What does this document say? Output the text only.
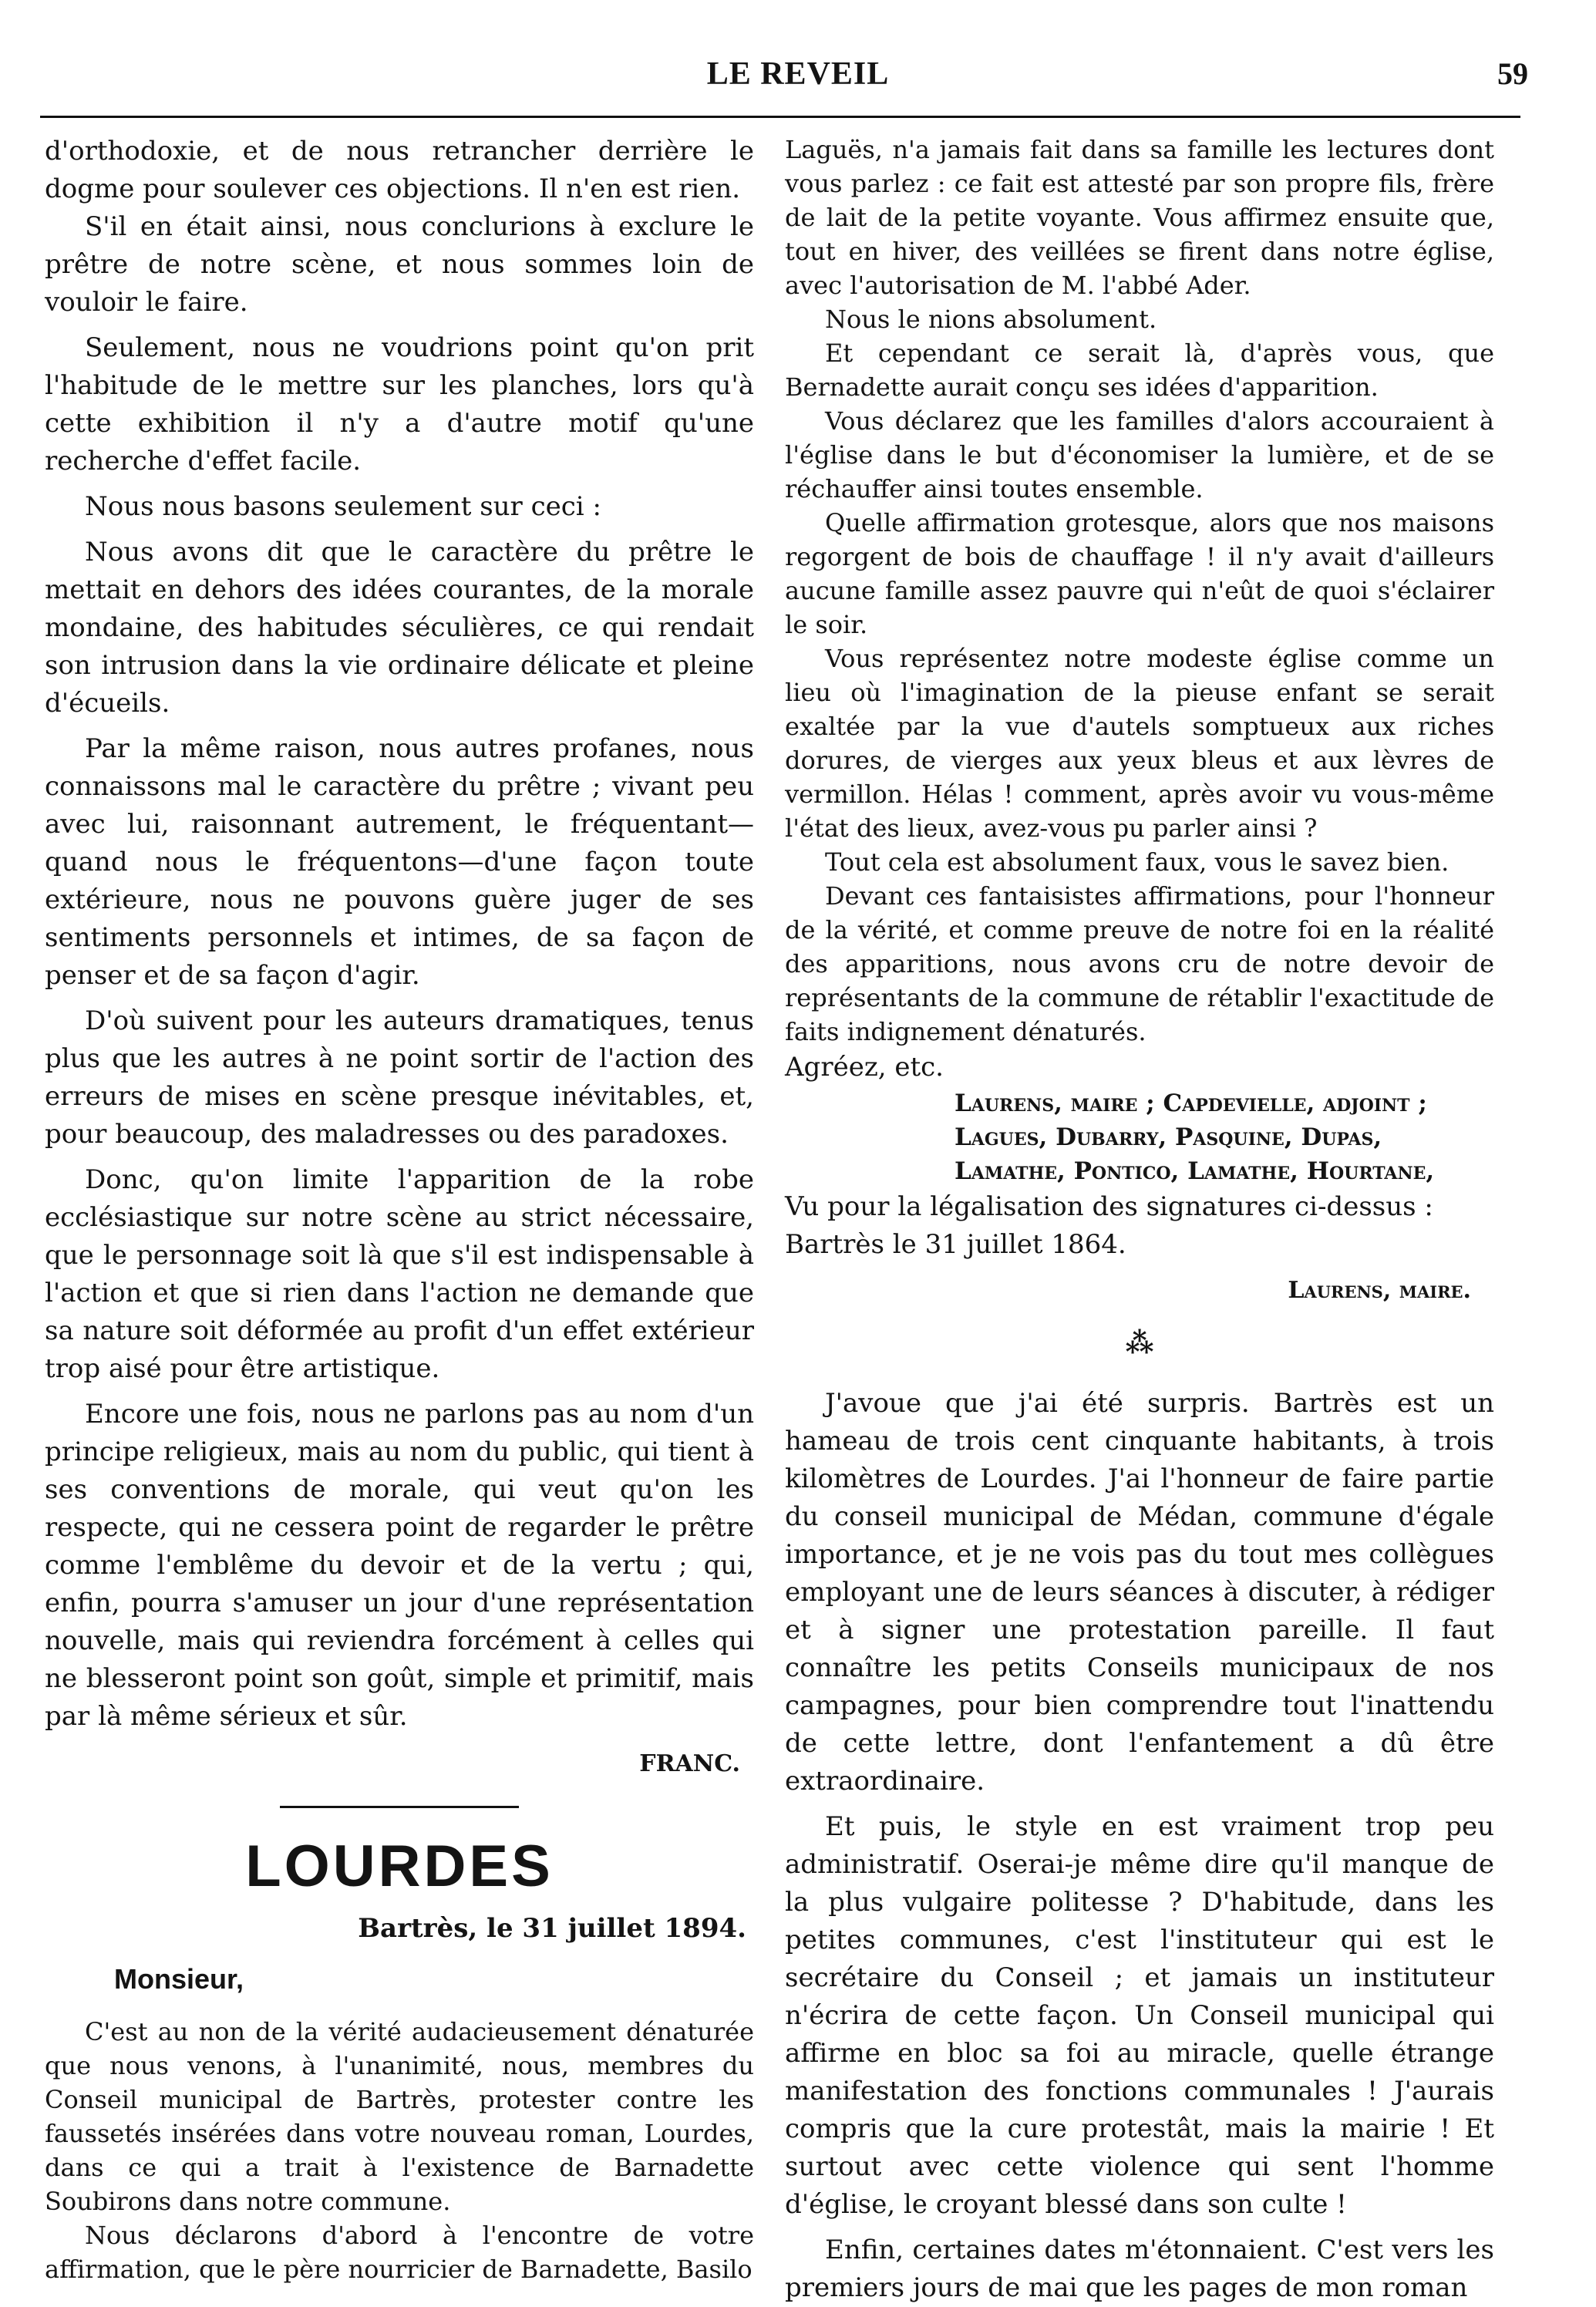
LE REVEIL	59

d'orthodoxie, et de nous retrancher derrière le dogme pour soulever ces objections. Il n'en est rien.

S'il en était ainsi, nous conclurions à exclure le prêtre de notre scène, et nous sommes loin de vouloir le faire.

Seulement, nous ne voudrions point qu'on prit l'habitude de le mettre sur les planches, lors qu'à cette exhibition il n'y a d'autre motif qu'une recherche d'effet facile.

Nous nous basons seulement sur ceci :

Nous avons dit que le caractère du prêtre le mettait en dehors des idées courantes, de la morale mondaine, des habitudes séculières, ce qui rendait son intrusion dans la vie ordinaire délicate et pleine d'écueils.

Par la même raison, nous autres profanes, nous connaissons mal le caractère du prêtre ; vivant peu avec lui, raisonnant autrement, le fréquentant—quand nous le fréquentons—d'une façon toute extérieure, nous ne pouvons guère juger de ses sentiments personnels et intimes, de sa façon de penser et de sa façon d'agir.

D'où suivent pour les auteurs dramatiques, tenus plus que les autres à ne point sortir de l'action des erreurs de mises en scène presque inévitables, et, pour beaucoup, des maladresses ou des paradoxes.

Donc, qu'on limite l'apparition de la robe ecclésiastique sur notre scène au strict nécessaire, que le personnage soit là que s'il est indispensable à l'action et que si rien dans l'action ne demande que sa nature soit déformée au profit d'un effet extérieur trop aisé pour être artistique.

Encore une fois, nous ne parlons pas au nom d'un principe religieux, mais au nom du public, qui tient à ses conventions de morale, qui veut qu'on les respecte, qui ne cessera point de regarder le prêtre comme l'emblême du devoir et de la vertu ; qui, enfin, pourra s'amuser un jour d'une représentation nouvelle, mais qui reviendra forcément à celles qui ne blesseront point son goût, simple et primitif, mais par là même sérieux et sûr.

FRANC.
LOURDES
Bartrès, le 31 juillet 1894.
Monsieur,

C'est au non de la vérité audacieusement dénaturée que nous venons, à l'unanimité, nous, membres du Conseil municipal de Bartrès, protester contre les faussetés insérées dans votre nouveau roman, Lourdes, dans ce qui a trait à l'existence de Barnadette Soubirons dans notre commune.

Nous déclarons d'abord à l'encontre de votre affirmation, que le père nourricier de Barnadette, Basilo

Laguës, n'a jamais fait dans sa famille les lectures dont vous parlez : ce fait est attesté par son propre fils, frère de lait de la petite voyante. Vous affirmez ensuite que, tout en hiver, des veillées se firent dans notre église, avec l'autorisation de M. l'abbé Ader.

Nous le nions absolument.

Et cependant ce serait là, d'après vous, que Bernadette aurait conçu ses idées d'apparition.

Vous déclarez que les familles d'alors accouraient à l'église dans le but d'économiser la lumière, et de se réchauffer ainsi toutes ensemble.

Quelle affirmation grotesque, alors que nos maisons regorgent de bois de chauffage ! il n'y avait d'ailleurs aucune famille assez pauvre qui n'eût de quoi s'éclairer le soir.

Vous représentez notre modeste église comme un lieu où l'imagination de la pieuse enfant se serait exaltée par la vue d'autels somptueux aux riches dorures, de vierges aux yeux bleus et aux lèvres de vermillon. Hélas ! comment, après avoir vu vous-même l'état des lieux, avez-vous pu parler ainsi ?

Tout cela est absolument faux, vous le savez bien.

Devant ces fantaisistes affirmations, pour l'honneur de la vérité, et comme preuve de notre foi en la réalité des apparitions, nous avons cru de notre devoir de représentants de la commune de rétablir l'exactitude de faits indignement dénaturés.

Agréez, etc.

Laurens, maire ; Capdevielle, adjoint ;
Lagues, Dubarry, Pasquine, Dupas,
Lamathe, Pontico, Lamathe, Hourtane,

Vu pour la légalisation des signatures ci-dessus :

Bartrès le 31 juillet 1864.

Laurens, maire.
⁂

J'avoue que j'ai été surpris. Bartrès est un hameau de trois cent cinquante habitants, à trois kilomètres de Lourdes. J'ai l'honneur de faire partie du conseil municipal de Médan, commune d'égale importance, et je ne vois pas du tout mes collègues employant une de leurs séances à discuter, à rédiger et à signer une protestation pareille. Il faut connaître les petits Conseils municipaux de nos campagnes, pour bien comprendre tout l'inattendu de cette lettre, dont l'enfantement a dû être extraordinaire.

Et puis, le style en est vraiment trop peu administratif. Oserai-je même dire qu'il manque de la plus vulgaire politesse ? D'habitude, dans les petites communes, c'est l'instituteur qui est le secrétaire du Conseil ; et jamais un instituteur n'écrira de cette façon. Un Conseil municipal qui affirme en bloc sa foi au miracle, quelle étrange manifestation des fonctions communales ! J'aurais compris que la cure protestât, mais la mairie ! Et surtout avec cette violence qui sent l'homme d'église, le croyant blessé dans son culte !

Enfin, certaines dates m'étonnaient. C'est vers les premiers jours de mai que les pages de mon roman
